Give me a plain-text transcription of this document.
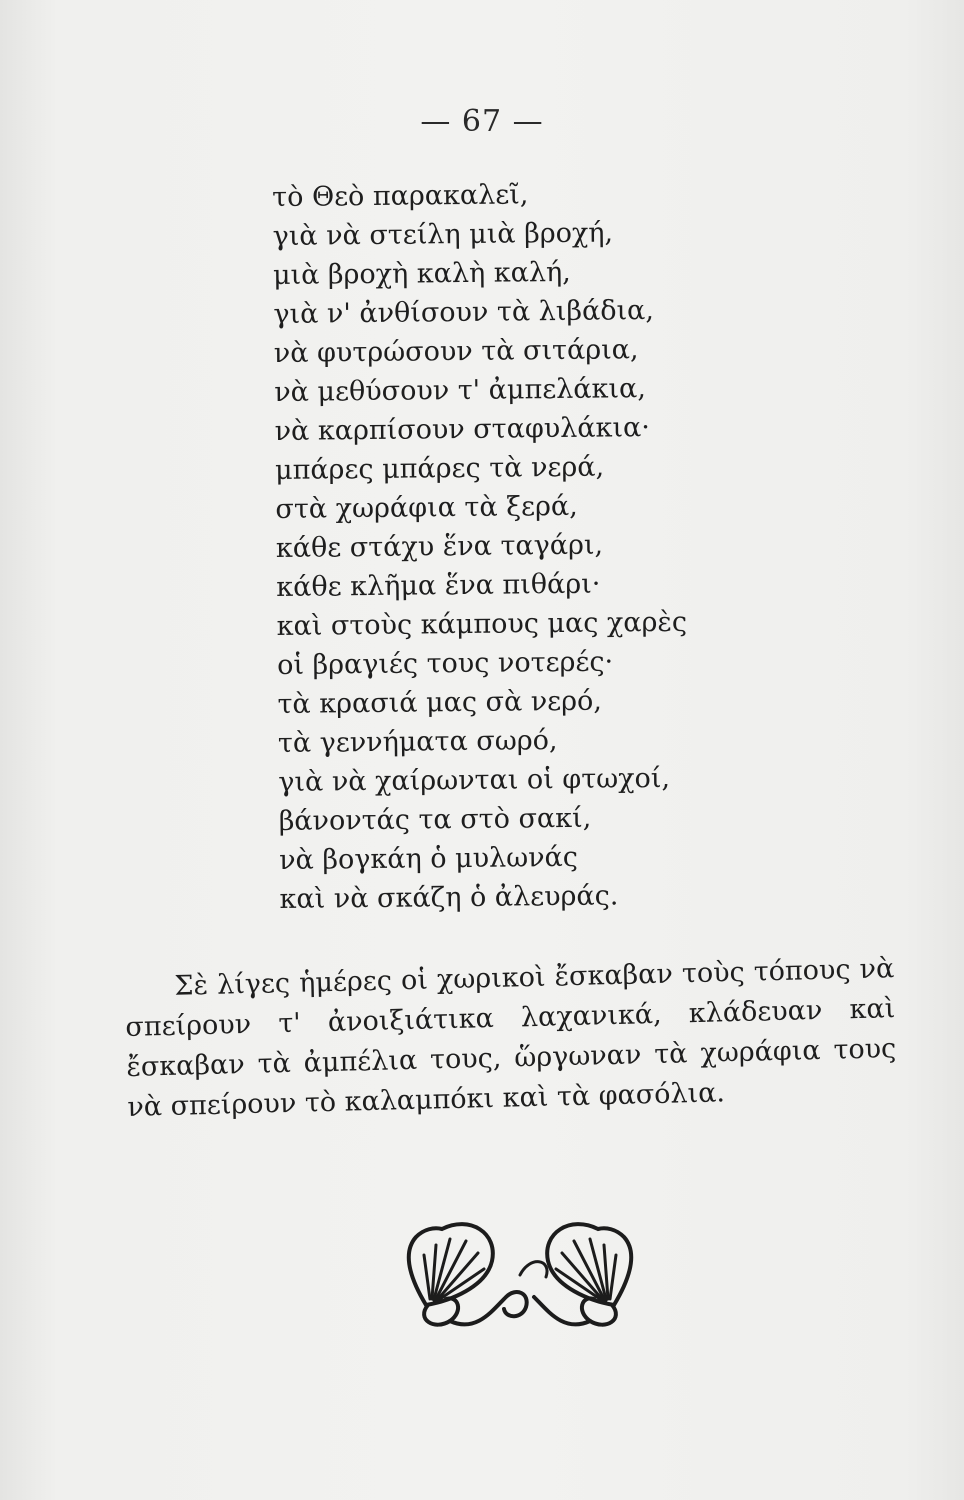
— 67 —
τὸ Θεὸ παρακαλεῖ,
γιὰ νὰ στείλη μιὰ βροχή,
μιὰ βροχὴ καλὴ καλή,
γιὰ ν' ἀνθίσουν τὰ λιβάδια,
νὰ φυτρώσουν τὰ σιτάρια,
νὰ μεθύσουν τ' ἀμπελάκια,
νὰ καρπίσουν σταφυλάκια·
μπάρες μπάρες τὰ νερά,
στὰ χωράφια τὰ ξερά,
κάθε στάχυ ἕνα ταγάρι,
κάθε κλῆμα ἕνα πιθάρι·
καὶ στοὺς κάμπους μας χαρὲς
οἱ βραγιές τους νοτερές·
τὰ κρασιά μας σὰ νερό,
τὰ γεννήματα σωρό,
γιὰ νὰ χαίρωνται οἱ φτωχοί,
βάνοντάς τα στὸ σακί,
νὰ βογκάη ὁ μυλωνάς
καὶ νὰ σκάζη ὁ ἀλευράς.

Σὲ λίγες ἡμέρες οἱ χωρικοὶ ἔσκαβαν τοὺς τόπους νὰ σπείρουν τ' ἀνοιξιάτικα λαχανικά, κλάδευαν καὶ ἔσκαβαν τὰ ἀμπέλια τους, ὥργωναν τὰ χωράφια τους νὰ σπείρουν τὸ καλαμπόκι καὶ τὰ φασόλια.
